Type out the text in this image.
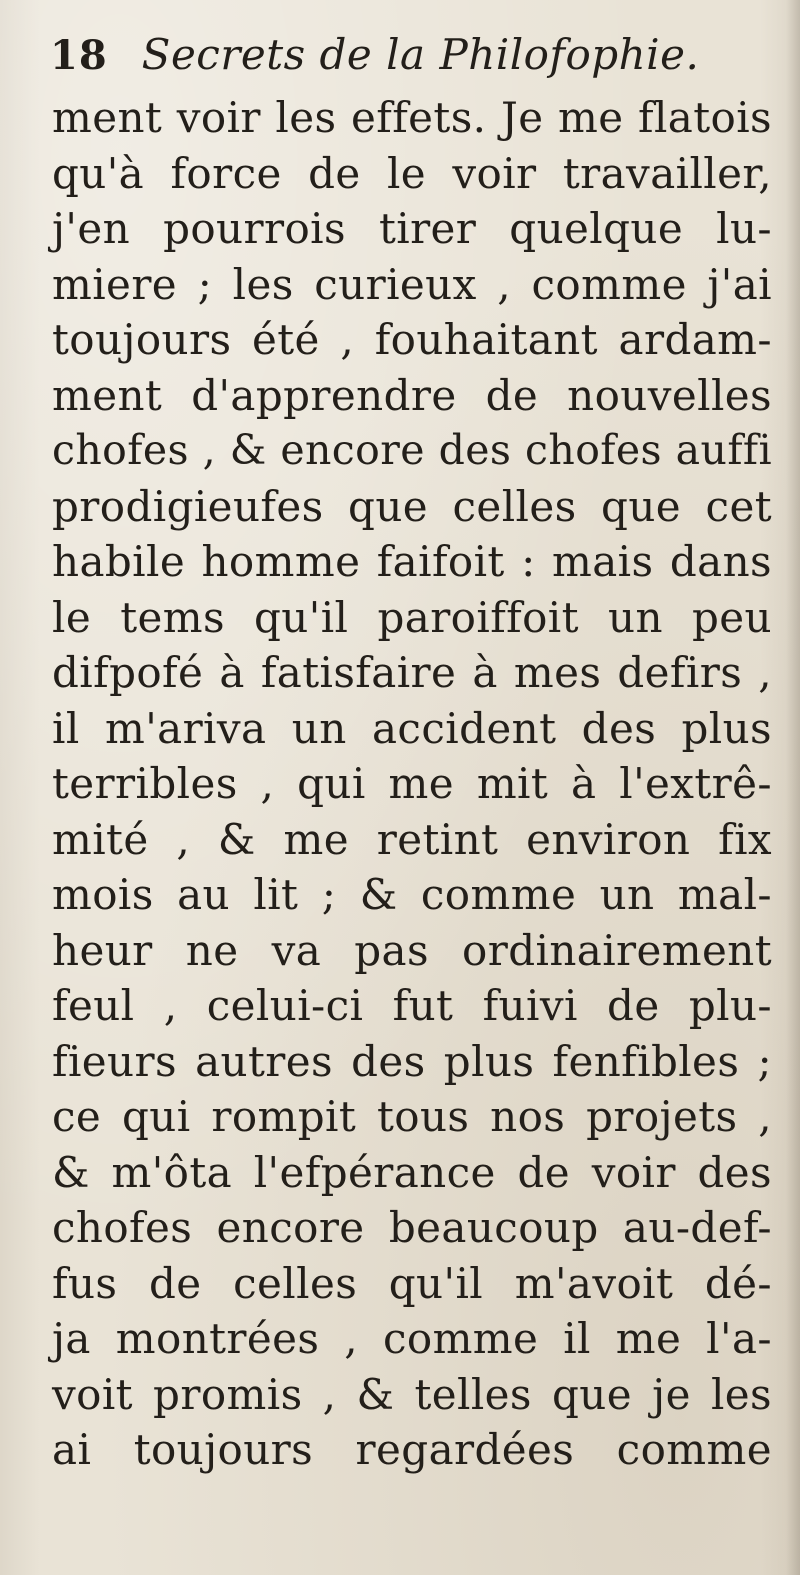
18 Secrets de la Philofophie.
ment voir les effets. Je me flatois
qu'à force de le voir travailler,
j'en pourrois tirer quelque lu-
miere ; les curieux , comme j'ai
toujours été , fouhaitant ardam-
ment d'apprendre de nouvelles
chofes , & encore des chofes auffi
prodigieufes que celles que cet
habile homme faifoit : mais dans
le tems qu'il paroiffoit un peu
difpofé à fatisfaire à mes defirs ,
il m'ariva un accident des plus
terribles , qui me mit à l'extrê-
mité , & me retint environ fix
mois au lit ; & comme un mal-
heur ne va pas ordinairement
feul , celui-ci fut fuivi de plu-
fieurs autres des plus fenfibles ;
ce qui rompit tous nos projets ,
& m'ôta l'efpérance de voir des
chofes encore beaucoup au-def-
fus de celles qu'il m'avoit dé-
ja montrées , comme il me l'a-
voit promis , & telles que je les
ai toujours regardées comme
